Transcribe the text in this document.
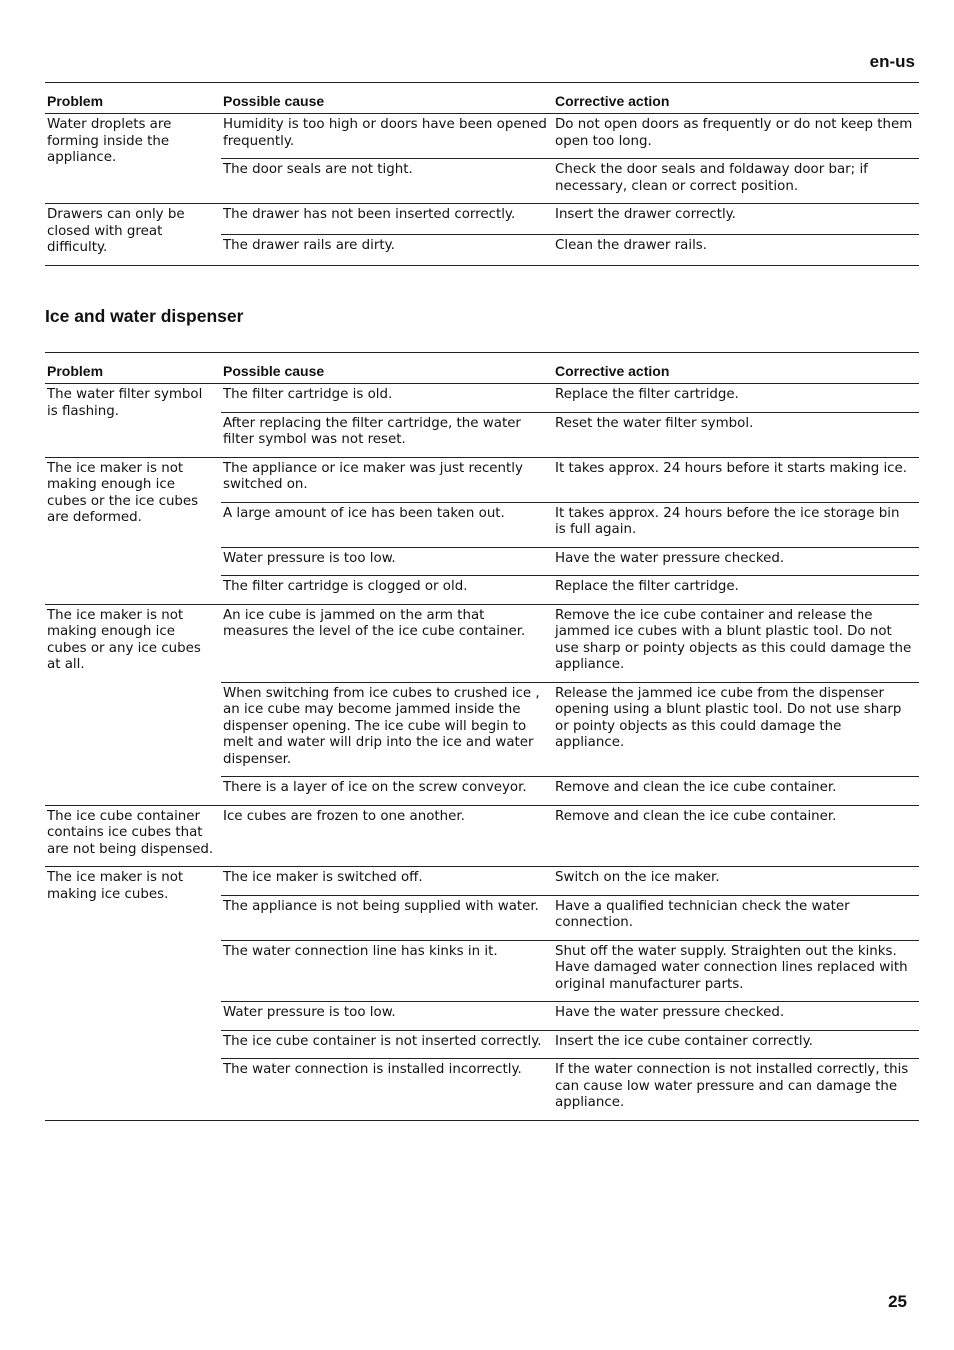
en-us
Problem	Possible cause	Corrective action
Water droplets are forming inside the appliance.	Humidity is too high or doors have been opened frequently.	Do not open doors as frequently or do not keep them open too long.
	The door seals are not tight.	Check the door seals and foldaway door bar; if necessary, clean or correct position.
Drawers can only be closed with great difficulty.	The drawer has not been inserted correctly.	Insert the drawer correctly.
	The drawer rails are dirty.	Clean the drawer rails.
Ice and water dispenser
Problem	Possible cause	Corrective action
The water filter symbol is flashing.	The filter cartridge is old.	Replace the filter cartridge.
	After replacing the filter cartridge, the water filter symbol was not reset.	Reset the water filter symbol.
The ice maker is not making enough ice cubes or the ice cubes are deformed.	The appliance or ice maker was just recently switched on.	It takes approx. 24 hours before it starts making ice.
	A large amount of ice has been taken out.	It takes approx. 24 hours before the ice storage bin is full again.
	Water pressure is too low.	Have the water pressure checked.
	The filter cartridge is clogged or old.	Replace the filter cartridge.
The ice maker is not making enough ice cubes or any ice cubes at all.	An ice cube is jammed on the arm that measures the level of the ice cube container.	Remove the ice cube container and release the jammed ice cubes with a blunt plastic tool. Do not use sharp or pointy objects as this could damage the appliance.
	When switching from ice cubes to crushed ice , an ice cube may become jammed inside the dispenser opening. The ice cube will begin to melt and water will drip into the ice and water dispenser.	Release the jammed ice cube from the dispenser opening using a blunt plastic tool. Do not use sharp or pointy objects as this could damage the appliance.
	There is a layer of ice on the screw conveyor.	Remove and clean the ice cube container.
The ice cube container contains ice cubes that are not being dispensed.	Ice cubes are frozen to one another.	Remove and clean the ice cube container.
The ice maker is not making ice cubes.	The ice maker is switched off.	Switch on the ice maker.
	The appliance is not being supplied with water.	Have a qualified technician check the water connection.
	The water connection line has kinks in it.	Shut off the water supply. Straighten out the kinks. Have damaged water connection lines replaced with original manufacturer parts.
	Water pressure is too low.	Have the water pressure checked.
	The ice cube container is not inserted correctly.	Insert the ice cube container correctly.
	The water connection is installed incorrectly.	If the water connection is not installed correctly, this can cause low water pressure and can damage the appliance.
25
